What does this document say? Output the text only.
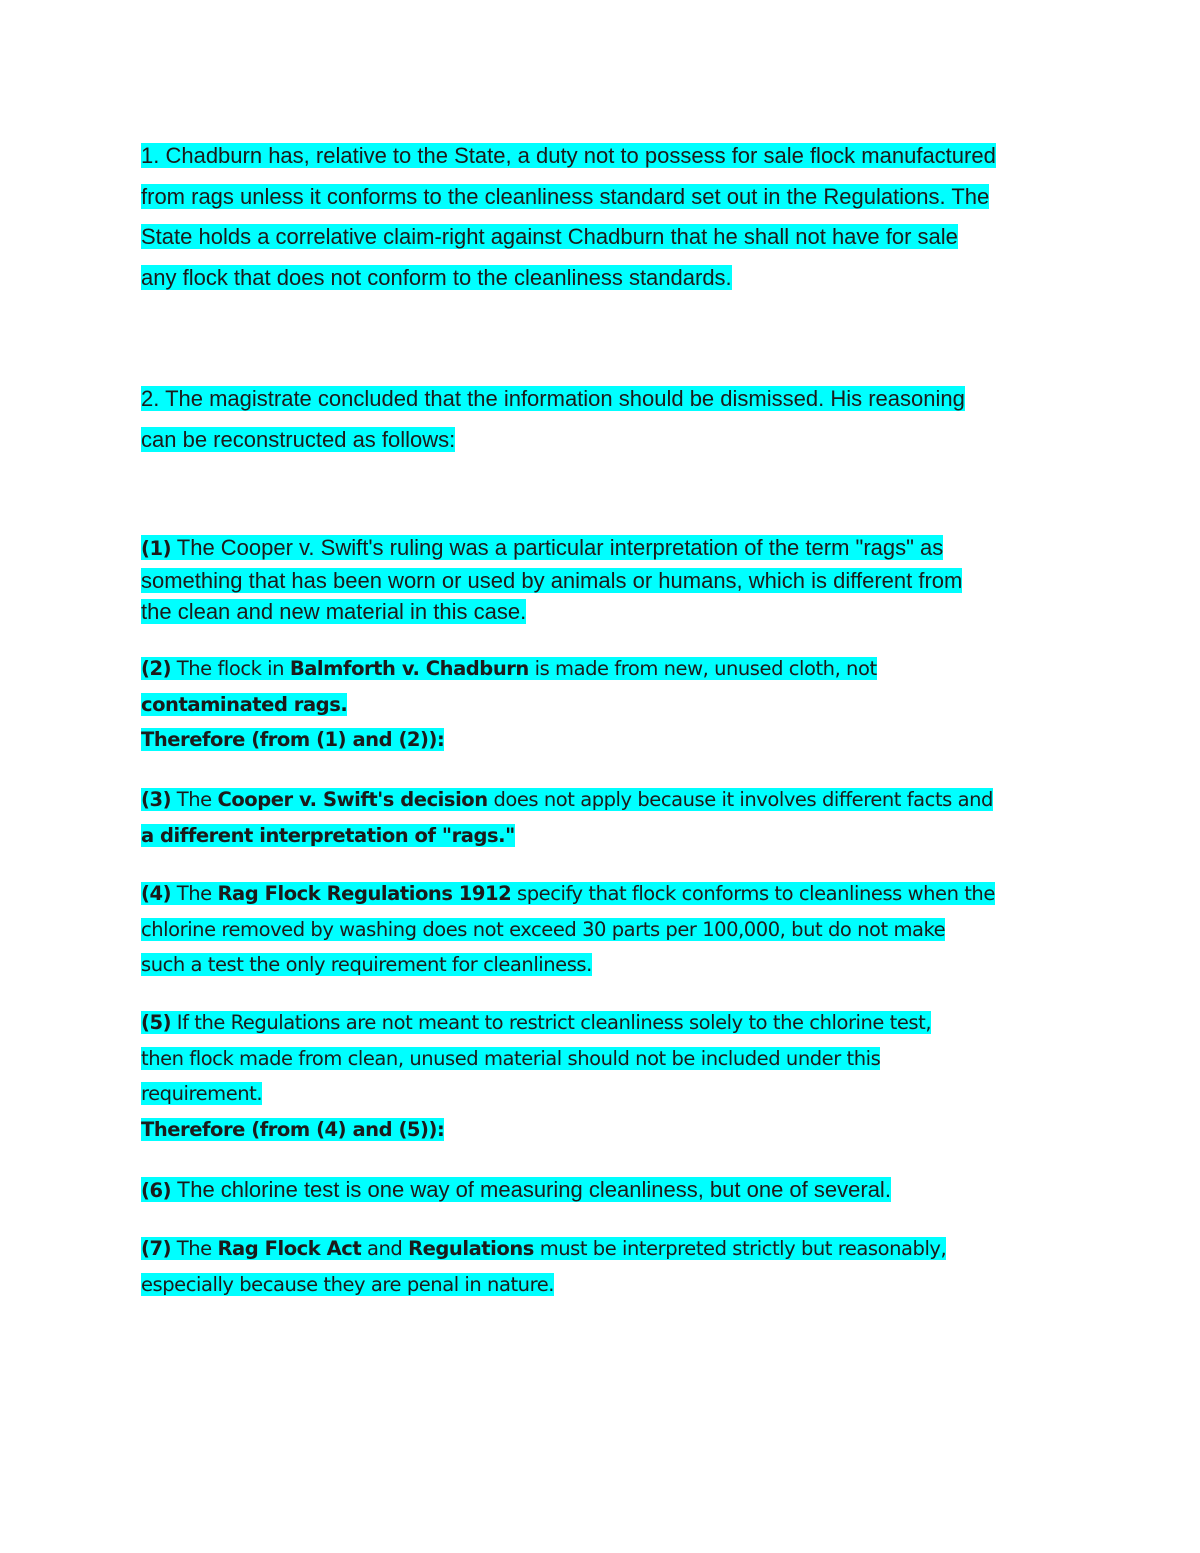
1. Chadburn has, relative to the State, a duty not to possess for sale flock manufactured
from rags unless it conforms to the cleanliness standard set out in the Regulations. The
State holds a correlative claim-right against Chadburn that he shall not have for sale
any flock that does not conform to the cleanliness standards.
2. The magistrate concluded that the information should be dismissed. His reasoning
can be reconstructed as follows:
(1) The Cooper v. Swift's ruling was a particular interpretation of the term "rags" as
something that has been worn or used by animals or humans, which is different from
the clean and new material in this case.
(2) The flock in Balmforth v. Chadburn is made from new, unused cloth, not
contaminated rags.
Therefore (from (1) and (2)):
(3) The Cooper v. Swift's decision does not apply because it involves different facts and
a different interpretation of "rags."
(4) The Rag Flock Regulations 1912 specify that flock conforms to cleanliness when the
chlorine removed by washing does not exceed 30 parts per 100,000, but do not make
such a test the only requirement for cleanliness.
(5) If the Regulations are not meant to restrict cleanliness solely to the chlorine test,
then flock made from clean, unused material should not be included under this
requirement.
Therefore (from (4) and (5)):
(6) The chlorine test is one way of measuring cleanliness, but one of several.
(7) The Rag Flock Act and Regulations must be interpreted strictly but reasonably,
especially because they are penal in nature.
